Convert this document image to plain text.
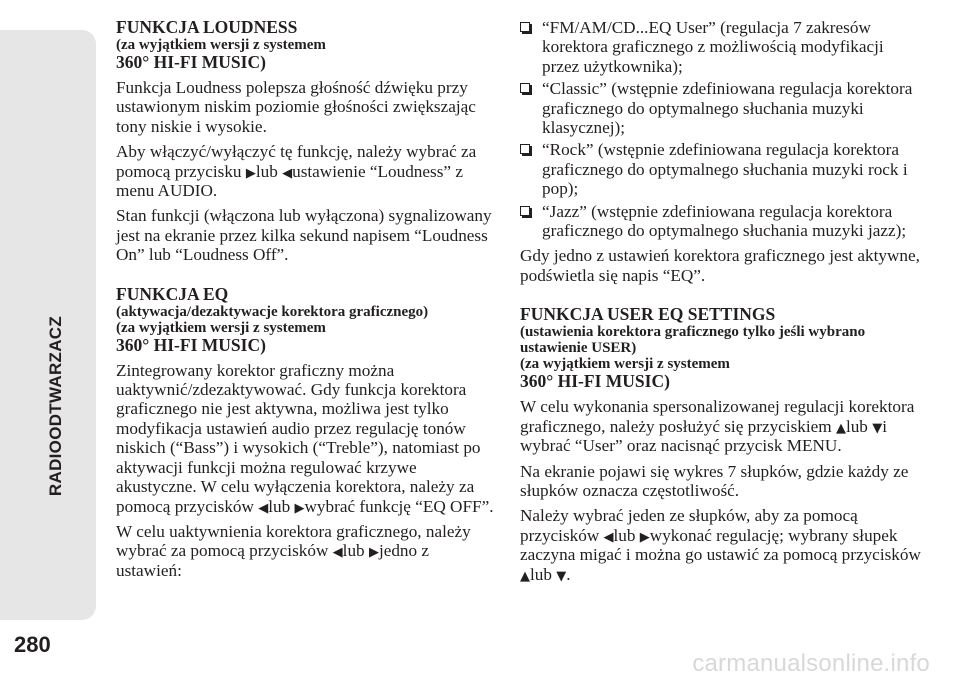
RADIOODTWARZACZ
280
FUNKCJA LOUDNESS
(za wyjątkiem wersji z systemem
360° HI-FI MUSIC)

Funkcja Loudness polepsza głośność dźwięku przy ustawionym niskim poziomie głośności zwiększając tony niskie i wysokie.

Aby włączyć/wyłączyć tę funkcję, należy wybrać za pomocą przycisku ▶lub ◀ustawienie “Loudness” z menu AUDIO.

Stan funkcji (włączona lub wyłączona) sygnalizowany jest na ekranie przez kilka sekund napisem “Loudness On” lub “Loudness Off”.

FUNKCJA EQ
(aktywacja/dezaktywacje korektora graficznego)
(za wyjątkiem wersji z systemem
360° HI-FI MUSIC)

Zintegrowany korektor graficzny można uaktywnić/zdezaktywować. Gdy funkcja korektora graficznego nie jest aktywna, możliwa jest tylko modyfikacja ustawień audio przez regulację tonów niskich (“Bass”) i wysokich (“Treble”), natomiast po aktywacji funkcji można regulować krzywe akustyczne. W celu wyłączenia korektora, należy za pomocą przycisków ◀lub ▶wybrać funkcję “EQ OFF”.

W celu uaktywnienia korektora graficznego, należy wybrać za pomocą przycisków ◀lub ▶jedno z ustawień:

“FM/AM/CD...EQ User” (regulacja 7 zakresów korektora graficznego z możliwością modyfikacji przez użytkownika);
“Classic” (wstępnie zdefiniowana regulacja korektora graficznego do optymalnego słuchania muzyki klasycznej);
“Rock” (wstępnie zdefiniowana regulacja korektora graficznego do optymalnego słuchania muzyki rock i pop);
“Jazz” (wstępnie zdefiniowana regulacja korektora graficznego do optymalnego słuchania muzyki jazz);

Gdy jedno z ustawień korektora graficznego jest aktywne, podświetla się napis “EQ”.

FUNKCJA USER EQ SETTINGS
(ustawienia korektora graficznego tylko jeśli wybrano ustawienie USER)
(za wyjątkiem wersji z systemem
360° HI-FI MUSIC)

W celu wykonania spersonalizowanej regulacji korektora graficznego, należy posłużyć się przyciskiem ▲lub ▼i wybrać “User” oraz nacisnąć przycisk MENU.

Na ekranie pojawi się wykres 7 słupków, gdzie każdy ze słupków oznacza częstotliwość.

Należy wybrać jeden ze słupków, aby za pomocą przycisków ◀lub ▶wykonać regulację; wybrany słupek zaczyna migać i można go ustawić za pomocą przycisków ▲lub ▼.

carmanualsonline.info
